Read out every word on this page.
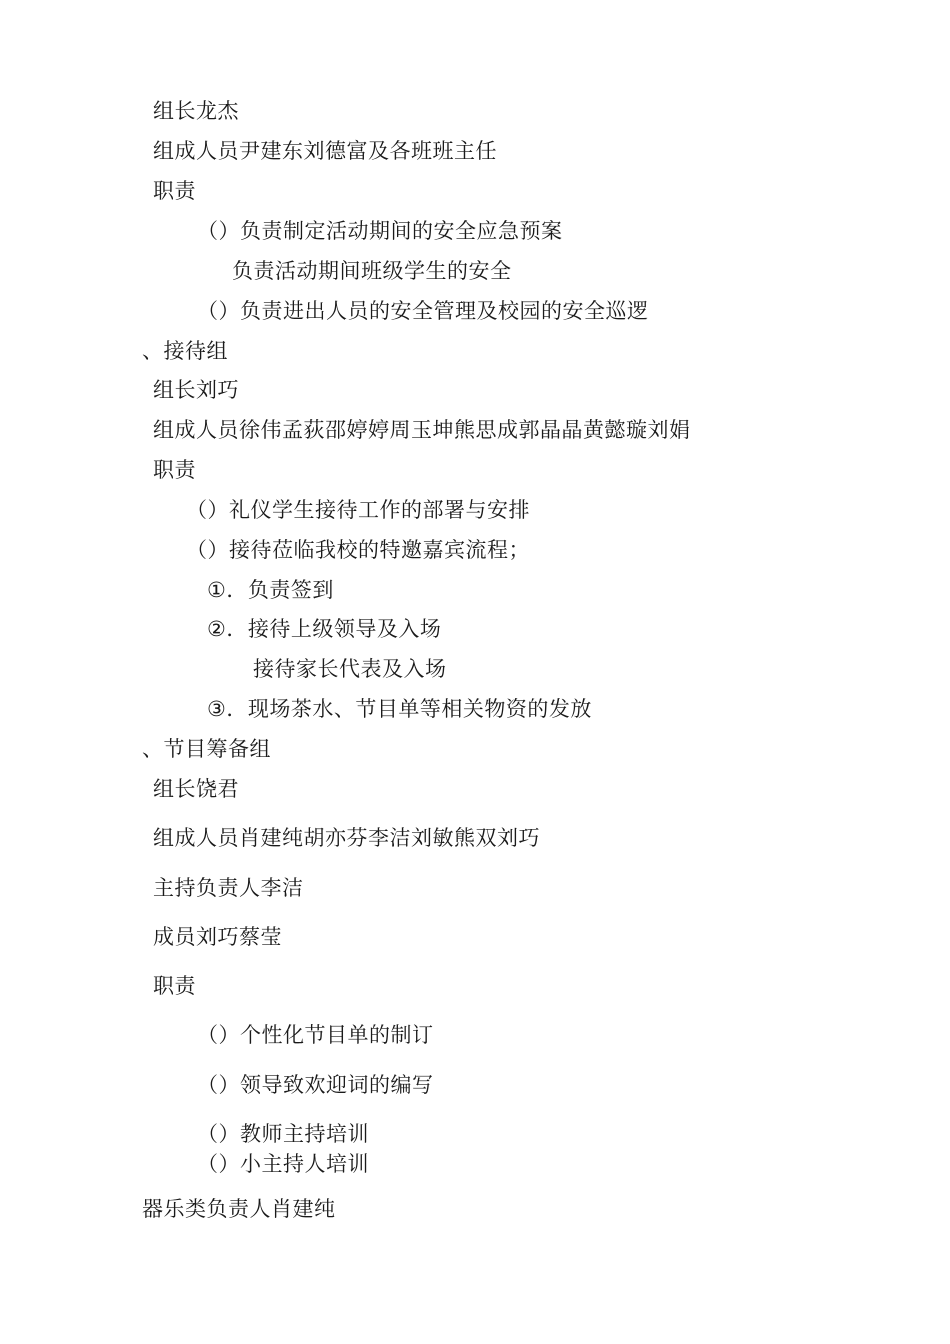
组长龙杰
组成人员尹建东刘德富及各班班主任
职责
（）负责制定活动期间的安全应急预案
负责活动期间班级学生的安全
（）负责进出人员的安全管理及校园的安全巡逻
、接待组
组长刘巧
组成人员徐伟孟荻邵婷婷周玉坤熊思成郭晶晶黄懿璇刘娟
职责
（）礼仪学生接待工作的部署与安排
（）接待莅临我校的特邀嘉宾流程；
①．负责签到
②．接待上级领导及入场
接待家长代表及入场
③．现场茶水、节目单等相关物资的发放
、节目筹备组
组长饶君
组成人员肖建纯胡亦芬李洁刘敏熊双刘巧
主持负责人李洁
成员刘巧蔡莹
职责
（）个性化节目单的制订
（）领导致欢迎词的编写
（）教师主持培训
（）小主持人培训
器乐类负责人肖建纯
